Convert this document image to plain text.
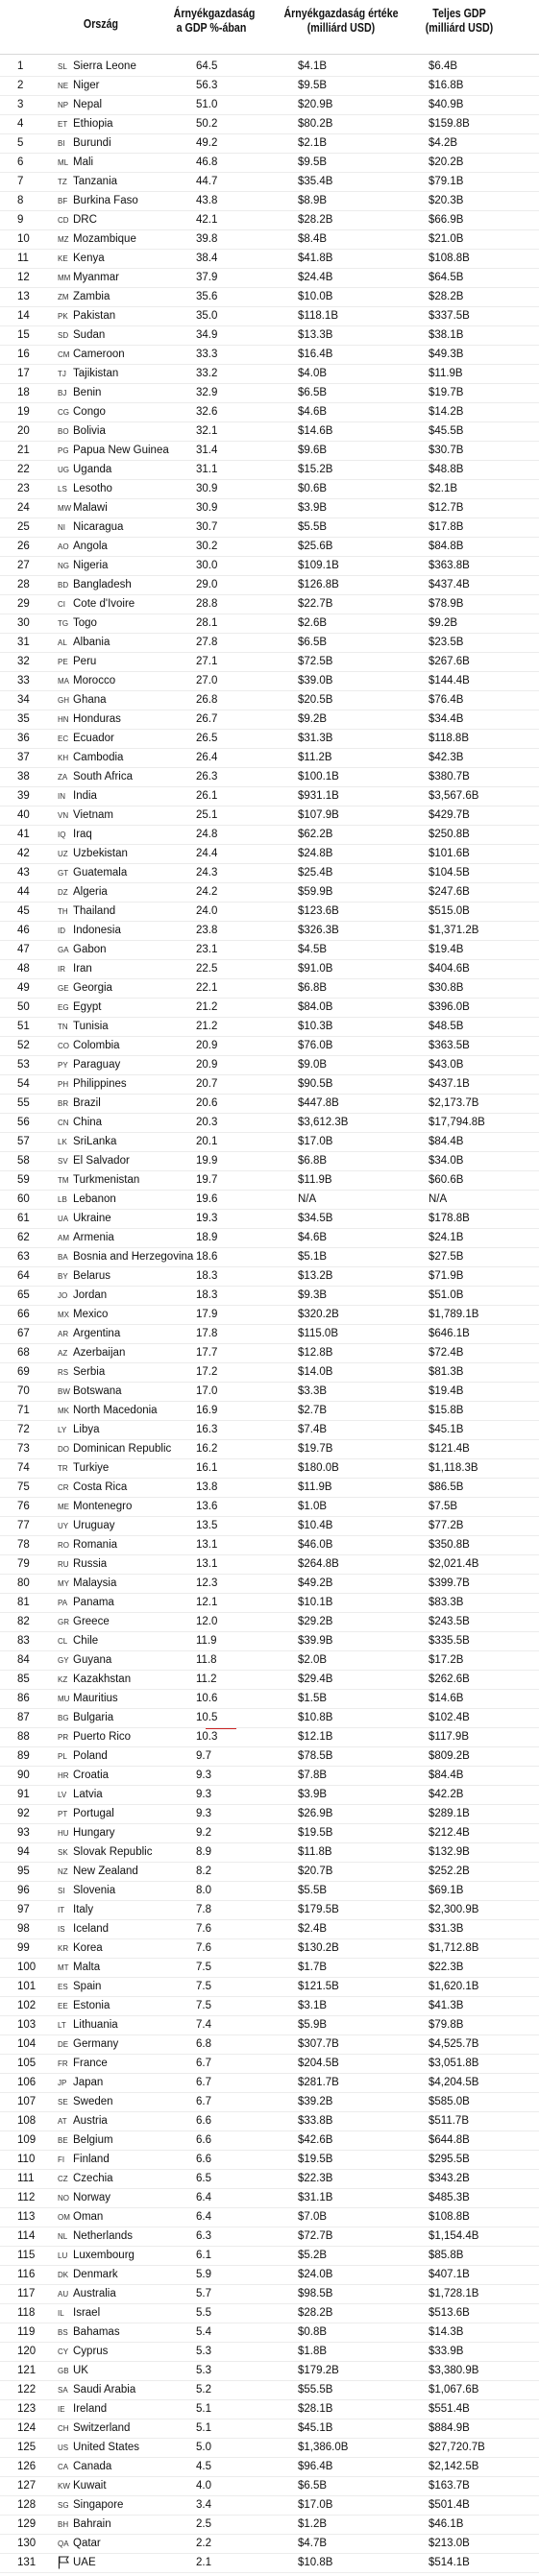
Ország
Árnyékgazdaság a GDP %-ában
Árnyékgazdaság értéke (milliárd USD)
Teljes GDP (milliárd USD)
SL
1	Sierra Leone	64.5	$4.1B	$6.4B
NE
2	Niger	56.3	$9.5B	$16.8B
NP
3	Nepal	51.0	$20.9B	$40.9B
ET
4	Ethiopia	50.2	$80.2B	$159.8B
BI
5	Burundi	49.2	$2.1B	$4.2B
ML
6	Mali	46.8	$9.5B	$20.2B
TZ
7	Tanzania	44.7	$35.4B	$79.1B
BF
8	Burkina Faso	43.8	$8.9B	$20.3B
CD
9	DRC	42.1	$28.2B	$66.9B
MZ
10	Mozambique	39.8	$8.4B	$21.0B
KE
11	Kenya	38.4	$41.8B	$108.8B
MM
12	Myanmar	37.9	$24.4B	$64.5B
ZM
13	Zambia	35.6	$10.0B	$28.2B
PK
14	Pakistan	35.0	$118.1B	$337.5B
SD
15	Sudan	34.9	$13.3B	$38.1B
CM
16	Cameroon	33.3	$16.4B	$49.3B
TJ
17	Tajikistan	33.2	$4.0B	$11.9B
BJ
18	Benin	32.9	$6.5B	$19.7B
CG
19	Congo	32.6	$4.6B	$14.2B
BO
20	Bolivia	32.1	$14.6B	$45.5B
PG
21	Papua New Guinea	31.4	$9.6B	$30.7B
UG
22	Uganda	31.1	$15.2B	$48.8B
LS
23	Lesotho	30.9	$0.6B	$2.1B
MW
24	Malawi	30.9	$3.9B	$12.7B
NI
25	Nicaragua	30.7	$5.5B	$17.8B
AO
26	Angola	30.2	$25.6B	$84.8B
NG
27	Nigeria	30.0	$109.1B	$363.8B
BD
28	Bangladesh	29.0	$126.8B	$437.4B
CI
29	Cote d'Ivoire	28.8	$22.7B	$78.9B
TG
30	Togo	28.1	$2.6B	$9.2B
AL
31	Albania	27.8	$6.5B	$23.5B
PE
32	Peru	27.1	$72.5B	$267.6B
MA
33	Morocco	27.0	$39.0B	$144.4B
GH
34	Ghana	26.8	$20.5B	$76.4B
HN
35	Honduras	26.7	$9.2B	$34.4B
EC
36	Ecuador	26.5	$31.3B	$118.8B
KH
37	Cambodia	26.4	$11.2B	$42.3B
ZA
38	South Africa	26.3	$100.1B	$380.7B
IN
39	India	26.1	$931.1B	$3,567.6B
VN
40	Vietnam	25.1	$107.9B	$429.7B
IQ
41	Iraq	24.8	$62.2B	$250.8B
UZ
42	Uzbekistan	24.4	$24.8B	$101.6B
GT
43	Guatemala	24.3	$25.4B	$104.5B
DZ
44	Algeria	24.2	$59.9B	$247.6B
TH
45	Thailand	24.0	$123.6B	$515.0B
ID
46	Indonesia	23.8	$326.3B	$1,371.2B
GA
47	Gabon	23.1	$4.5B	$19.4B
IR
48	Iran	22.5	$91.0B	$404.6B
GE
49	Georgia	22.1	$6.8B	$30.8B
EG
50	Egypt	21.2	$84.0B	$396.0B
TN
51	Tunisia	21.2	$10.3B	$48.5B
CO
52	Colombia	20.9	$76.0B	$363.5B
PY
53	Paraguay	20.9	$9.0B	$43.0B
PH
54	Philippines	20.7	$90.5B	$437.1B
BR
55	Brazil	20.6	$447.8B	$2,173.7B
CN
56	China	20.3	$3,612.3B	$17,794.8B
LK
57	SriLanka	20.1	$17.0B	$84.4B
SV
58	El Salvador	19.9	$6.8B	$34.0B
TM
59	Turkmenistan	19.7	$11.9B	$60.6B
LB
60	Lebanon	19.6	N/A	N/A
UA
61	Ukraine	19.3	$34.5B	$178.8B
AM
62	Armenia	18.9	$4.6B	$24.1B
BA
63	Bosnia and Herzegovina 18.6	$5.1B	$27.5B
BY
64	Belarus	18.3	$13.2B	$71.9B
JO
65	Jordan	18.3	$9.3B	$51.0B
MX
66	Mexico	17.9	$320.2B	$1,789.1B
AR
67	Argentina	17.8	$115.0B	$646.1B
AZ
68	Azerbaijan	17.7	$12.8B	$72.4B
RS
69	Serbia	17.2	$14.0B	$81.3B
BW
70	Botswana	17.0	$3.3B	$19.4B
MK
71	North Macedonia	16.9	$2.7B	$15.8B
LY
72	Libya	16.3	$7.4B	$45.1B
DO
73	Dominican Republic	16.2	$19.7B	$121.4B
TR
74	Turkiye	16.1	$180.0B	$1,118.3B
CR
75	Costa Rica	13.8	$11.9B	$86.5B
ME
76	Montenegro	13.6	$1.0B	$7.5B
UY
77	Uruguay	13.5	$10.4B	$77.2B
RO
78	Romania	13.1	$46.0B	$350.8B
RU
79	Russia	13.1	$264.8B	$2,021.4B
MY
80	Malaysia	12.3	$49.2B	$399.7B
PA
81	Panama	12.1	$10.1B	$83.3B
GR
82	Greece	12.0	$29.2B	$243.5B
CL
83	Chile	11.9	$39.9B	$335.5B
GY
84	Guyana	11.8	$2.0B	$17.2B
KZ
85	Kazakhstan	11.2	$29.4B	$262.6B
MU
86	Mauritius	10.6	$1.5B	$14.6B
BG
87	Bulgaria	10.5	$10.8B	$102.4B
PR
88	Puerto Rico	10.3	$12.1B	$117.9B
PL
89	Poland	9.7	$78.5B	$809.2B
HR
90	Croatia	9.3	$7.8B	$84.4B
LV
91	Latvia	9.3	$3.9B	$42.2B
PT
92	Portugal	9.3	$26.9B	$289.1B
HU
93	Hungary	9.2	$19.5B	$212.4B
SK
94	Slovak Republic	8.9	$11.8B	$132.9B
NZ
95	New Zealand	8.2	$20.7B	$252.2B
SI
96	Slovenia	8.0	$5.5B	$69.1B
IT
97	Italy	7.8	$179.5B	$2,300.9B
IS
98	Iceland	7.6	$2.4B	$31.3B
KR
99	Korea	7.6	$130.2B	$1,712.8B
MT
100	Malta	7.5	$1.7B	$22.3B
ES
101	Spain	7.5	$121.5B	$1,620.1B
EE
102	Estonia	7.5	$3.1B	$41.3B
LT
103	Lithuania	7.4	$5.9B	$79.8B
DE
104	Germany	6.8	$307.7B	$4,525.7B
FR
105	France	6.7	$204.5B	$3,051.8B
JP
106	Japan	6.7	$281.7B	$4,204.5B
SE
107	Sweden	6.7	$39.2B	$585.0B
AT
108	Austria	6.6	$33.8B	$511.7B
BE
109	Belgium	6.6	$42.6B	$644.8B
FI
110	Finland	6.6	$19.5B	$295.5B
CZ
111	Czechia	6.5	$22.3B	$343.2B
NO
112	Norway	6.4	$31.1B	$485.3B
OM
113	Oman	6.4	$7.0B	$108.8B
NL
114	Netherlands	6.3	$72.7B	$1,154.4B
LU
115	Luxembourg	6.1	$5.2B	$85.8B
DK
116	Denmark	5.9	$24.0B	$407.1B
AU
117	Australia	5.7	$98.5B	$1,728.1B
IL
118	Israel	5.5	$28.2B	$513.6B
BS
119	Bahamas	5.4	$0.8B	$14.3B
CY
120	Cyprus	5.3	$1.8B	$33.9B
GB
121	UK	5.3	$179.2B	$3,380.9B
SA
122	Saudi Arabia	5.2	$55.5B	$1,067.6B
IE
123	Ireland	5.1	$28.1B	$551.4B
CH
124	Switzerland	5.1	$45.1B	$884.9B
US
125	United States	5.0	$1,386.0B	$27,720.7B
CA
126	Canada	4.5	$96.4B	$2,142.5B
KW
127	Kuwait	4.0	$6.5B	$163.7B
SG
128	Singapore	3.4	$17.0B	$501.4B
BH
129	Bahrain	2.5	$1.2B	$46.1B
QA
130	Qatar	2.2	$4.7B	$213.0B
131	UAE	2.1	$10.8B	$514.1B
